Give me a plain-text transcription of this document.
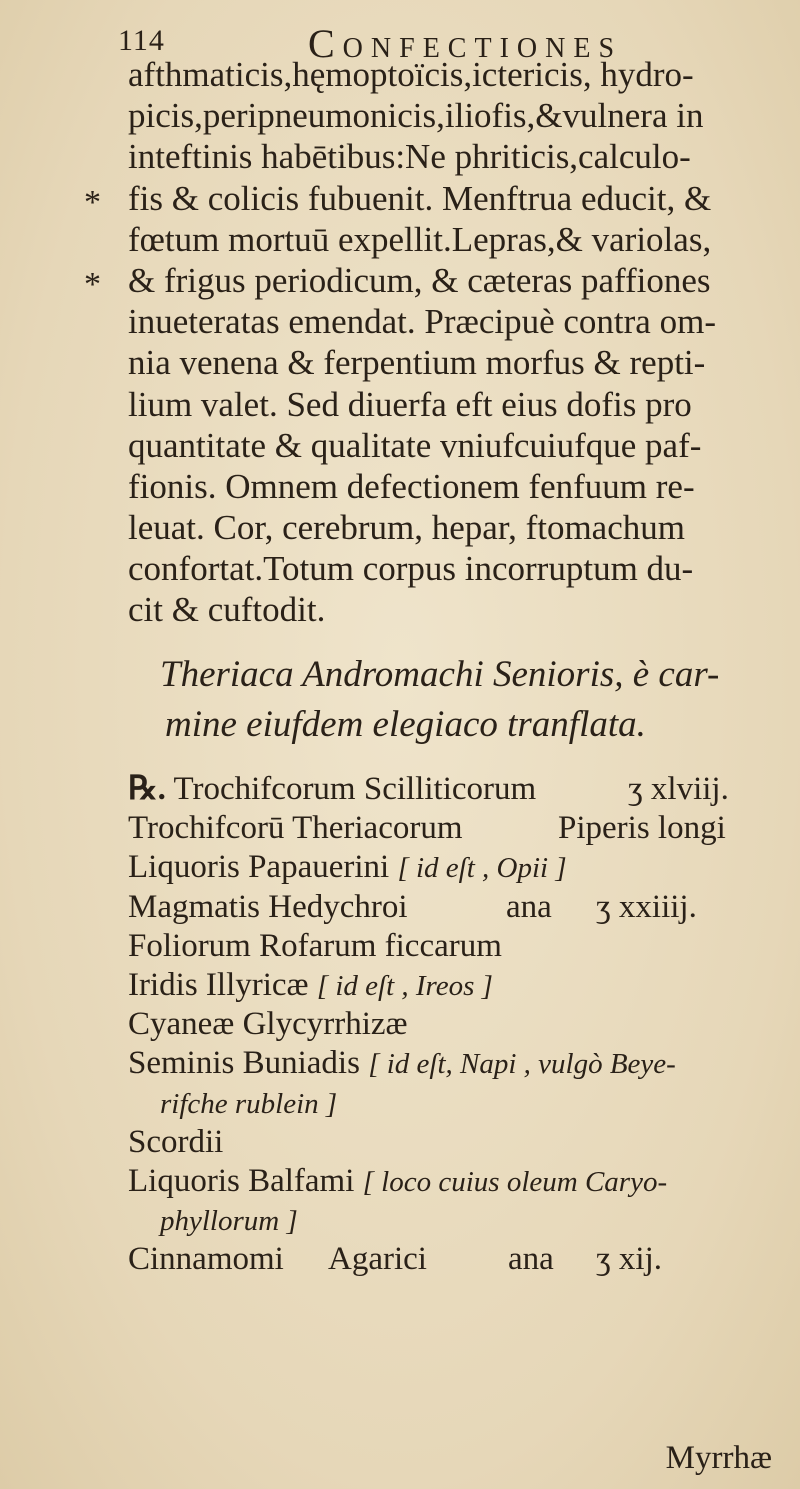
114	Confectiones
*
*
afthmaticis,hęmoptoïcis,ictericis, hydro-
picis,peripneumonicis,iliofis,&vulnera in
inteftinis habētibus:Ne phriticis,calculo-
fis & colicis fubuenit. Menftrua educit, &
fœtum mortuū expellit.Lepras,& variolas,
& frigus periodicum, & cæteras paffiones
inueteratas emendat. Præcipuè contra om-
nia venena & ferpentium morfus & repti-
lium valet. Sed diuerfa eft eius dofis pro
quantitate & qualitate vniufcuiufque paf-
fionis. Omnem defectionem fenfuum re-
leuat. Cor, cerebrum, hepar, ftomachum
confortat.Totum corpus incorruptum du-
cit & cuftodit.
Theriaca Andromachi Senioris, è car-
mine eiufdem elegiaco tranflata.
℞. Trochifcorum Scilliticorum	ʒ xlviij.
Trochifcorū Theriacorum	Piperis longi
Liquoris Papauerini [ id eſt , Opii ]
Magmatis Hedychroi	ana ʒ xxiiij.
Foliorum Rofarum ficcarum
Iridis Illyricæ [ id eſt , Ireos ]
Cyaneæ Glycyrrhizæ
Seminis Buniadis [ id eſt, Napi , vulgò Beye-
rifche rublein ]
Scordii
Liquoris Balfami [ loco cuius oleum Caryo-
phyllorum ]
Cinnamomi Agarici ana ʒ xij.
Myrrhæ
